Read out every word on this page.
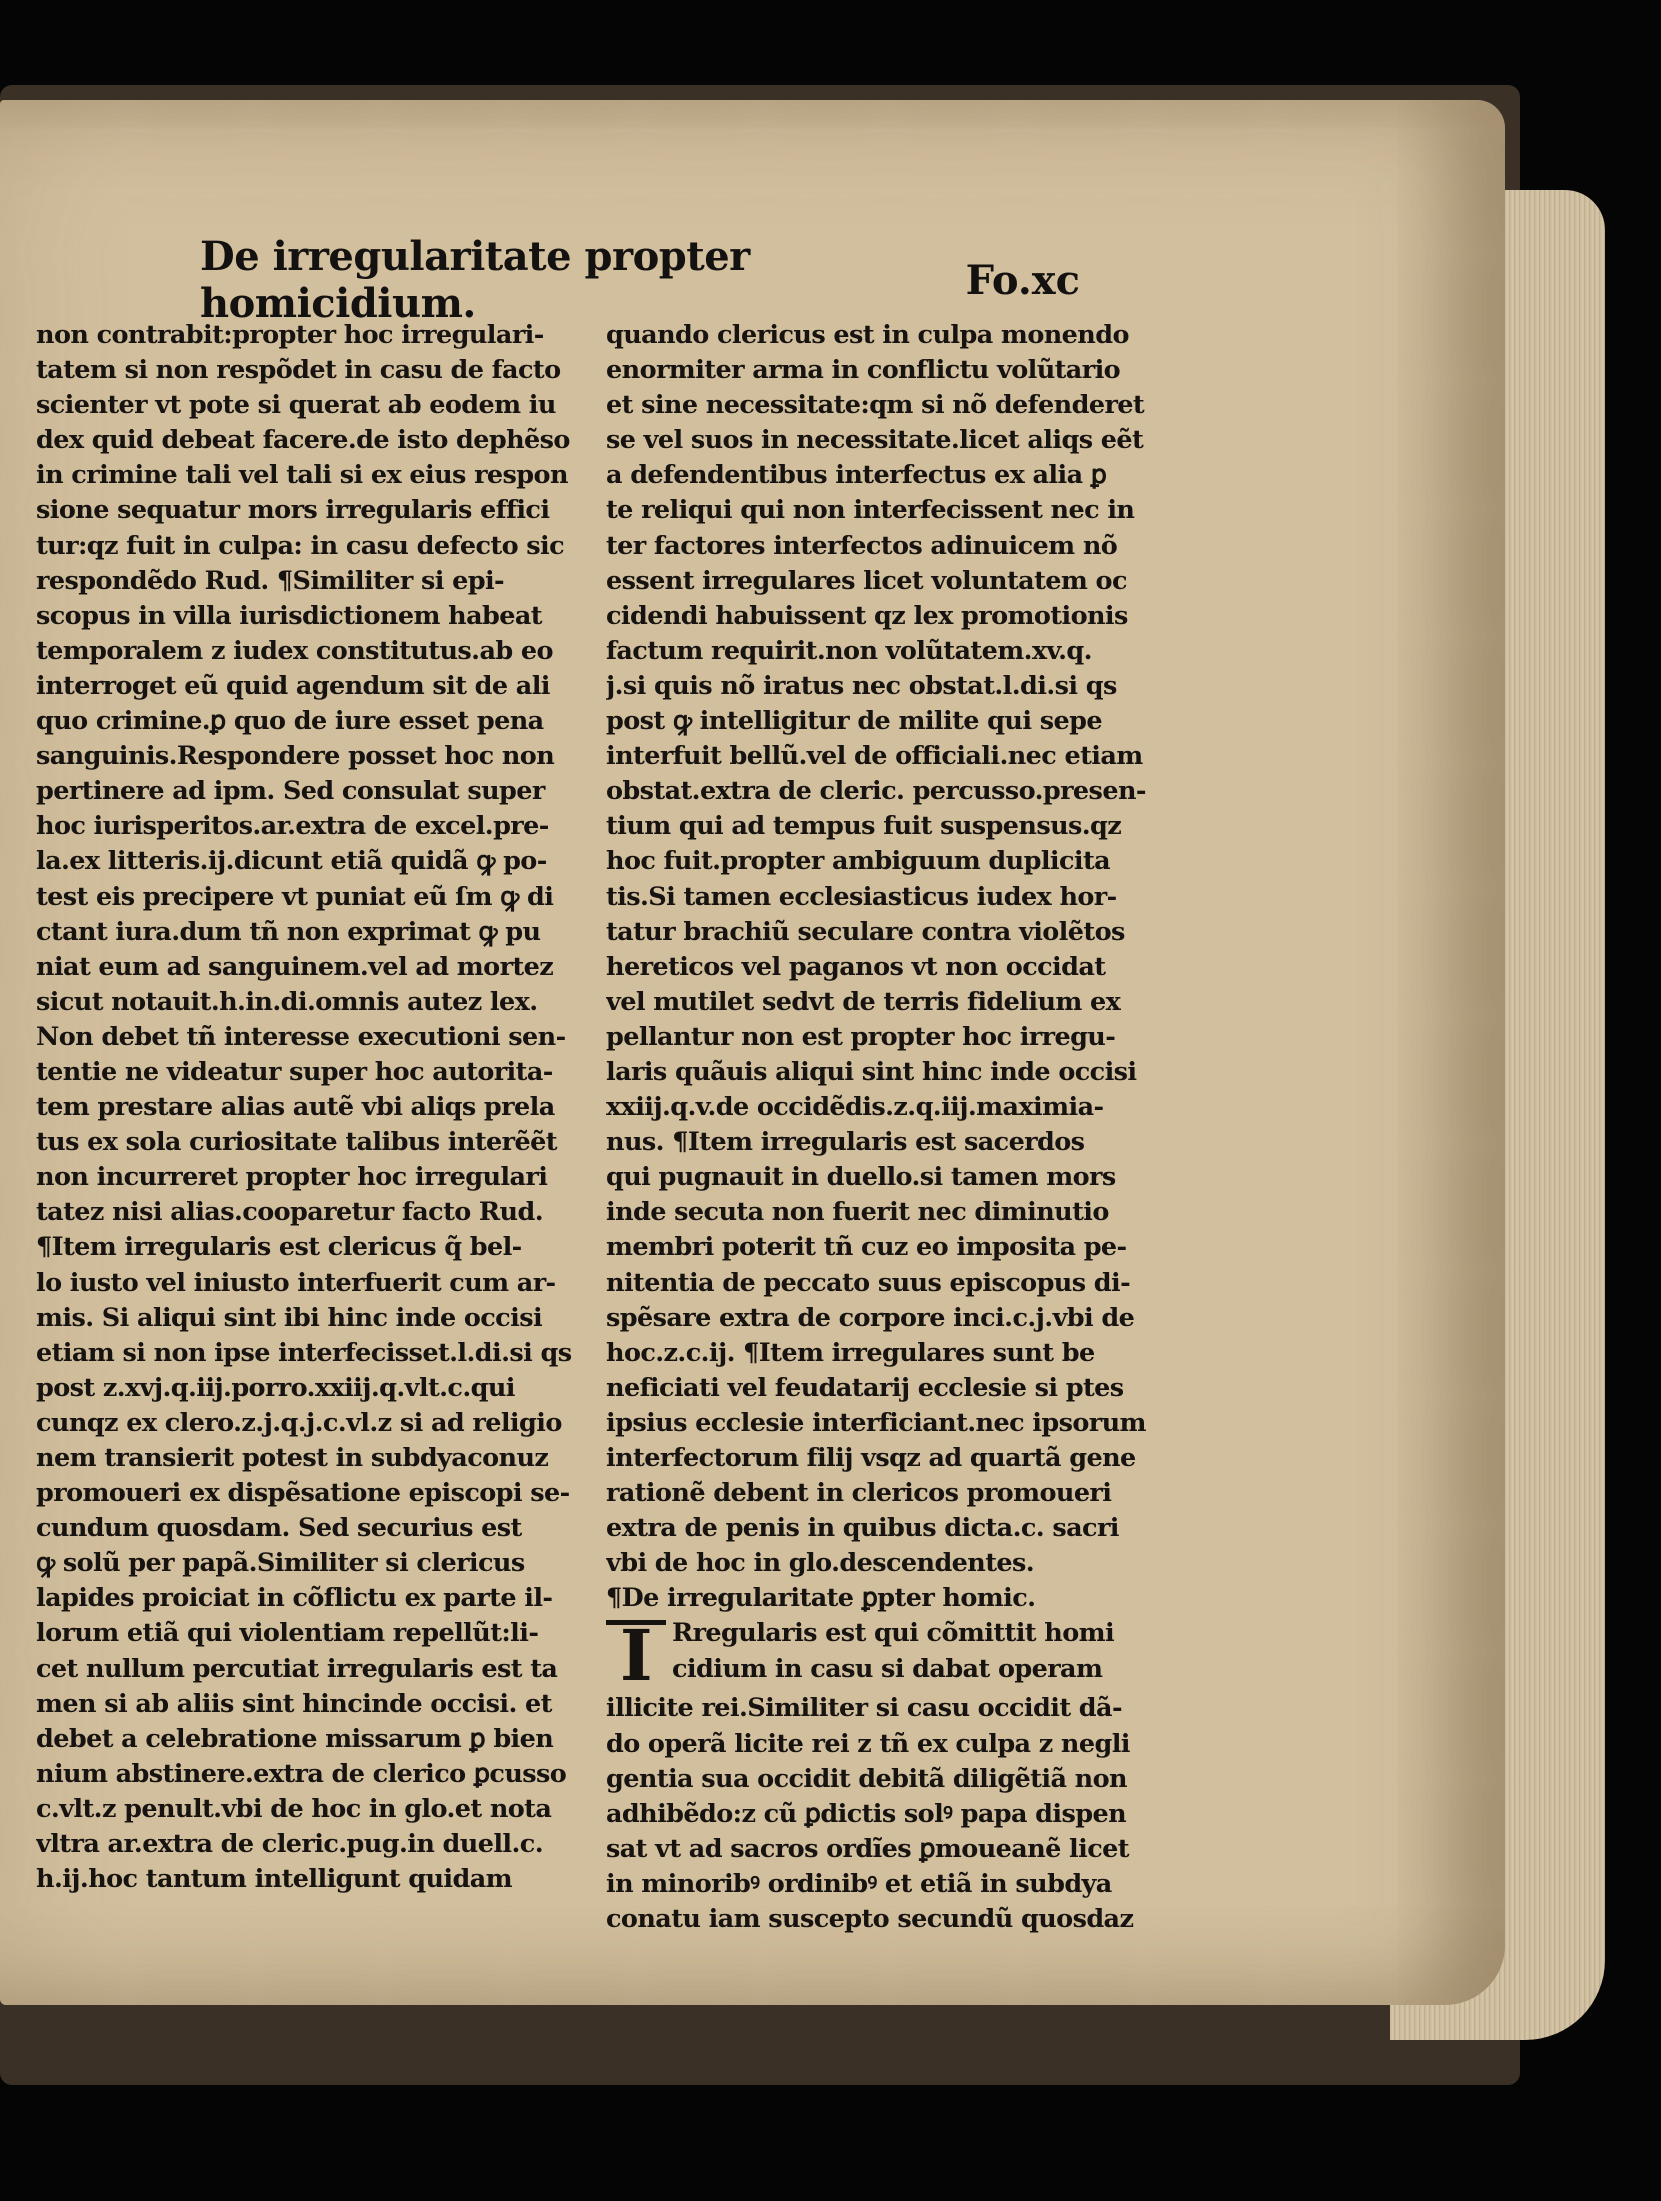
De irregularitate propter homicidium.	Fo.xc
non contrabit:propter hoc irregulari-
tatem si non respõdet in casu de facto
scienter vt pote si querat ab eodem iu
dex quid debeat facere.de isto dephẽso
in crimine tali vel tali si ex eius respon
sione sequatur mors irregularis effici
tur:qz fuit in culpa: in casu defecto sic
respondẽdo Rud. ¶Similiter si epi-
scopus in villa iurisdictionem habeat
temporalem z iudex constitutus.ab eo
interroget eũ quid agendum sit de ali
quo crimine.ꝑ quo de iure esset pena
sanguinis.Respondere posset hoc non
pertinere ad ipm. Sed consulat super
hoc iurisperitos.ar.extra de excel.pre-
la.ex litteris.ij.dicunt etiã quidã ꝙ po-
test eis precipere vt puniat eũ ſm ꝙ di
ctant iura.dum tñ non exprimat ꝙ pu
niat eum ad sanguinem.vel ad mortez
sicut notauit.h.in.di.omnis autez lex.
Non debet tñ interesse executioni sen-
tentie ne videatur super hoc autorita-
tem prestare alias autẽ vbi aliqs prela
tus ex sola curiositate talibus interẽẽt
non incurreret propter hoc irregulari
tatez nisi alias.cooparetur facto Rud.
¶Item irregularis est clericus q̃ bel-
lo iusto vel iniusto interfuerit cum ar-
mis. Si aliqui sint ibi hinc inde occisi
etiam si non ipse interfecisset.l.di.si qs
post z.xvj.q.iij.porro.xxiij.q.vlt.c.qui
cunqz ex clero.z.j.q.j.c.vl.z si ad religio
nem transierit potest in subdyaconuz
promoueri ex dispẽsatione episcopi se-
cundum quosdam. Sed securius est
ꝙ solũ per papã.Similiter si clericus
lapides proiciat in cõflictu ex parte il-
lorum etiã qui violentiam repellũt:li-
cet nullum percutiat irregularis est ta
men si ab aliis sint hincinde occisi. et
debet a celebratione missarum ꝑ bien
nium abstinere.extra de clerico ꝑcusso
c.vlt.z penult.vbi de hoc in glo.et nota
vltra ar.extra de cleric.pug.in duell.c.
h.ij.hoc tantum intelligunt quidam
quando clericus est in culpa monendo
enormiter arma in conflictu volũtario
et sine necessitate:qm si nõ defenderet
se vel suos in necessitate.licet aliqs eẽt
a defendentibus interfectus ex alia ꝑ
te reliqui qui non interfecissent nec in
ter factores interfectos adinuicem nõ
essent irregulares licet voluntatem oc
cidendi habuissent qz lex promotionis
factum requirit.non volũtatem.xv.q.
j.si quis nõ iratus nec obstat.l.di.si qs
post ꝙ intelligitur de milite qui sepe
interfuit bellũ.vel de officiali.nec etiam
obstat.extra de cleric. percusso.presen-
tium qui ad tempus fuit suspensus.qz
hoc fuit.propter ambiguum duplicita
tis.Si tamen ecclesiasticus iudex hor-
tatur brachiũ seculare contra violẽtos
hereticos vel paganos vt non occidat
vel mutilet sedvt de terris fidelium ex
pellantur non est propter hoc irregu-
laris quãuis aliqui sint hinc inde occisi
xxiij.q.v.de occidẽdis.z.q.iij.maximia-
nus. ¶Item irregularis est sacerdos
qui pugnauit in duello.si tamen mors
inde secuta non fuerit nec diminutio
membri poterit tñ cuz eo imposita pe-
nitentia de peccato suus episcopus di-
spẽsare extra de corpore inci.c.j.vbi de
hoc.z.c.ij. ¶Item irregulares sunt be
neficiati vel feudatarij ecclesie si ptes
ipsius ecclesie interficiant.nec ipsorum
interfectorum filij vsqz ad quartã gene
rationẽ debent in clericos promoueri
extra de penis in quibus dicta.c. sacri
vbi de hoc in glo.descendentes.
¶De irregularitate ꝑpter homic.
I Rregularis est qui cõmittit homi
cidium in casu si dabat operam
illicite rei.Similiter si casu occidit dã-
do operã licite rei z tñ ex culpa z negli
gentia sua occidit debitã diligẽtiã non
adhibẽdo:z cũ ꝑdictis solꝰ papa dispen
sat vt ad sacros ordĩes ꝑmoueanẽ licet
in minoribꝰ ordinibꝰ et etiã in subdya
conatu iam suscepto secundũ quosdaz
